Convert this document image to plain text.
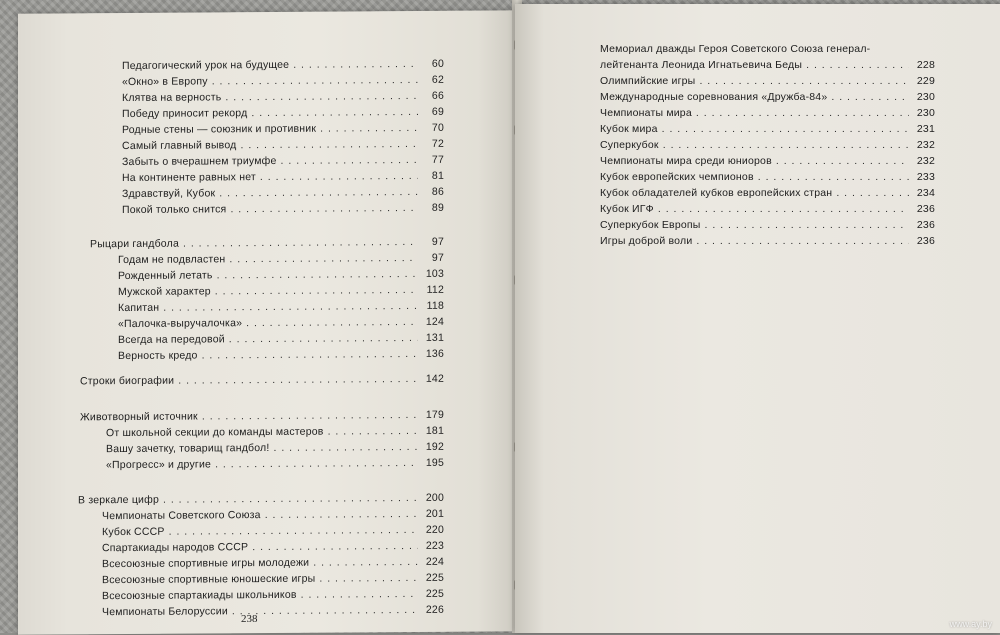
Педагогический урок на будущее . . .	60
«Окно» в Европу . . .	62
Клятва на верность . . .	66
Победу приносит рекорд . . .	69
Родные стены — союзник и противник . . .	70
Самый главный вывод . . .	72
Забыть о вчерашнем триумфе . . .	77
На континенте равных нет . . .	81
Здравствуй, Кубок . . .	86
Покой только снится . . .	89
Рыцари гандбола . . .	97
Годам не подвластен . . .	97
Рожденный летать . . .	103
Мужской характер . . .	112
Капитан . . .	118
«Палочка-выручалочка» . . .	124
Всегда на передовой . . .	131
Верность кредо . . .	136
Строки биографии . . .	142
Животворный источник . . .	179
От школьной секции до команды мастеров . . .	181
Вашу зачетку, товарищ гандбол! . . .	192
«Прогресс» и другие . . .	195
В зеркале цифр . . .	200
Чемпионаты Советского Союза . . .	201
Кубок СССР . . .	220
Спартакиады народов СССР . . .	223
Всесоюзные спортивные игры молодежи . . .	224
Всесоюзные спортивные юношеские игры . . .	225
Всесоюзные спартакиады школьников . . .	225
Чемпионаты Белоруссии . . .	226
238
Мемориал дважды Героя Советского Союза генерал-
лейтенанта Леонида Игнатьевича Беды . . .	228
Олимпийские игры . . .	229
Международные соревнования «Дружба-84» . . .	230
Чемпионаты мира . . .	230
Кубок мира . . .	231
Суперкубок . . .	232
Чемпионаты мира среди юниоров . . .	232
Кубок европейских чемпионов . . .	233
Кубок обладателей кубков европейских стран . . .	234
Кубок ИГФ . . .	236
Суперкубок Европы . . .	236
Игры доброй воли . . .	236
www.ay.by
